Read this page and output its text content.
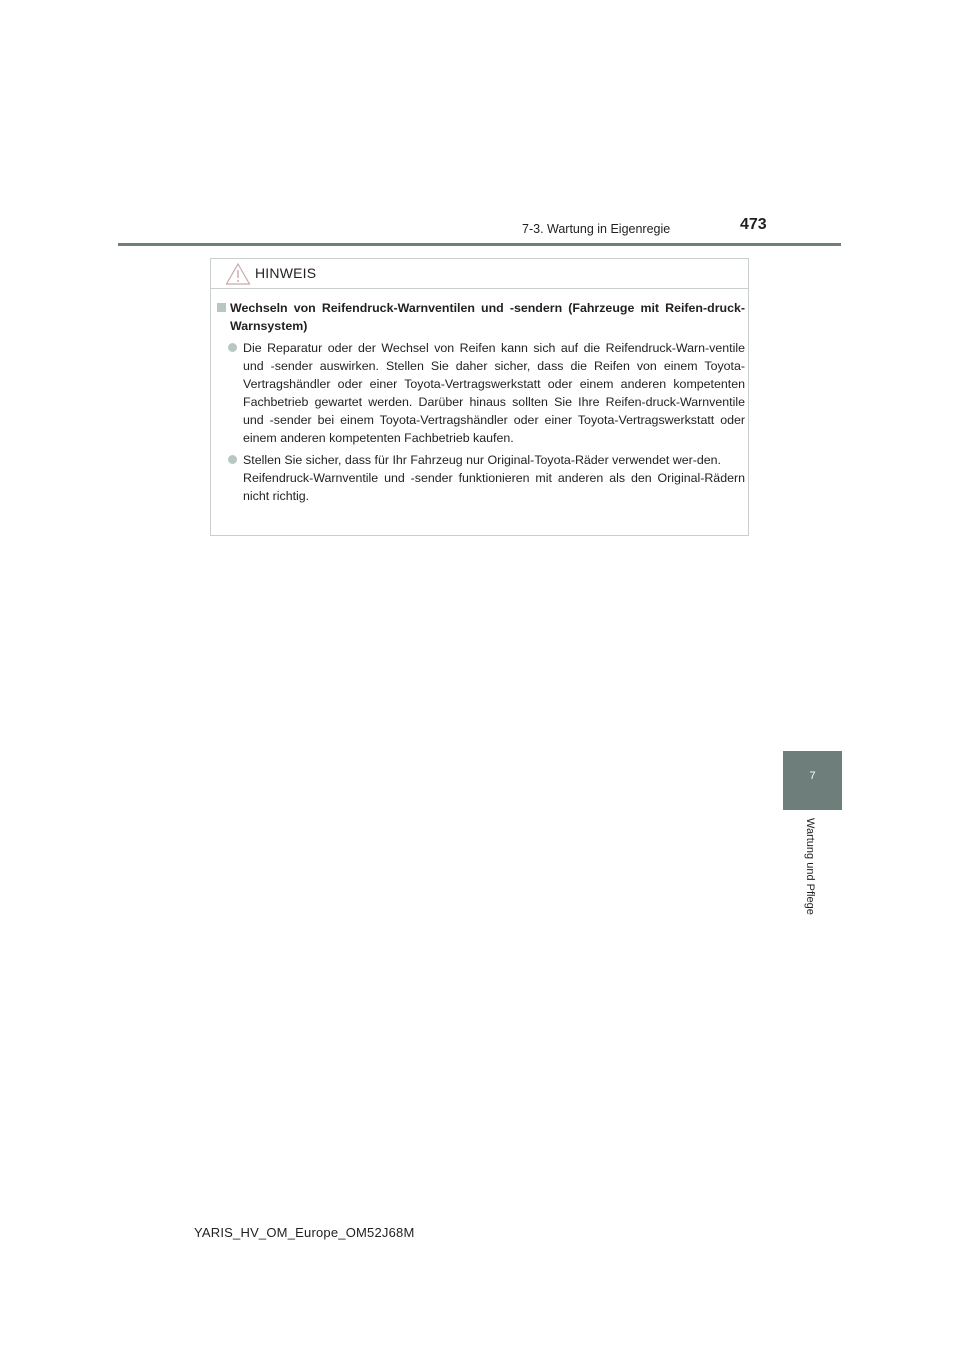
7-3. Wartung in Eigenregie	473
7
Wartung und Pflege
HINWEIS
Wechseln von Reifendruck-Warnventilen und -sendern (Fahrzeuge mit Reifen-druck-Warnsystem)

Die Reparatur oder der Wechsel von Reifen kann sich auf die Reifendruck-Warn-ventile und -sender auswirken. Stellen Sie daher sicher, dass die Reifen von einem Toyota-Vertragshändler oder einer Toyota-Vertragswerkstatt oder einem anderen kompetenten Fachbetrieb gewartet werden. Darüber hinaus sollten Sie Ihre Reifen-druck-Warnventile und -sender bei einem Toyota-Vertragshändler oder einer Toyota-Vertragswerkstatt oder einem anderen kompetenten Fachbetrieb kaufen.

Stellen Sie sicher, dass für Ihr Fahrzeug nur Original-Toyota-Räder verwendet wer-den.

Reifendruck-Warnventile und -sender funktionieren mit anderen als den Original-Rädern nicht richtig.

YARIS_HV_OM_Europe_OM52J68M
